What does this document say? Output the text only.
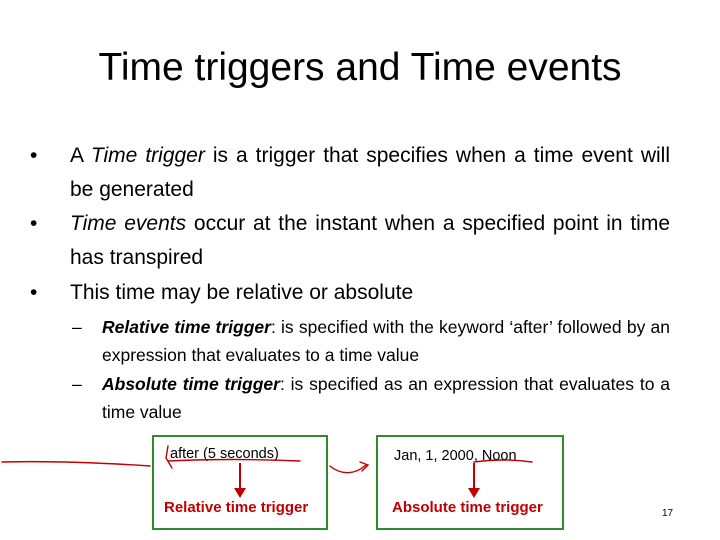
Time triggers and Time events
• A Time trigger is a trigger that specifies when a time event will be generated
• Time events occur at the instant when a specified point in time has transpired
• This time may be relative or absolute
– Relative time trigger: is specified with the keyword ‘after’ followed by an expression that evaluates to a time value
– Absolute time trigger: is specified as an expression that evaluates to a time value
after (5 seconds)	Jan, 1, 2000, Noon
Relative time trigger	Absolute time trigger	17
